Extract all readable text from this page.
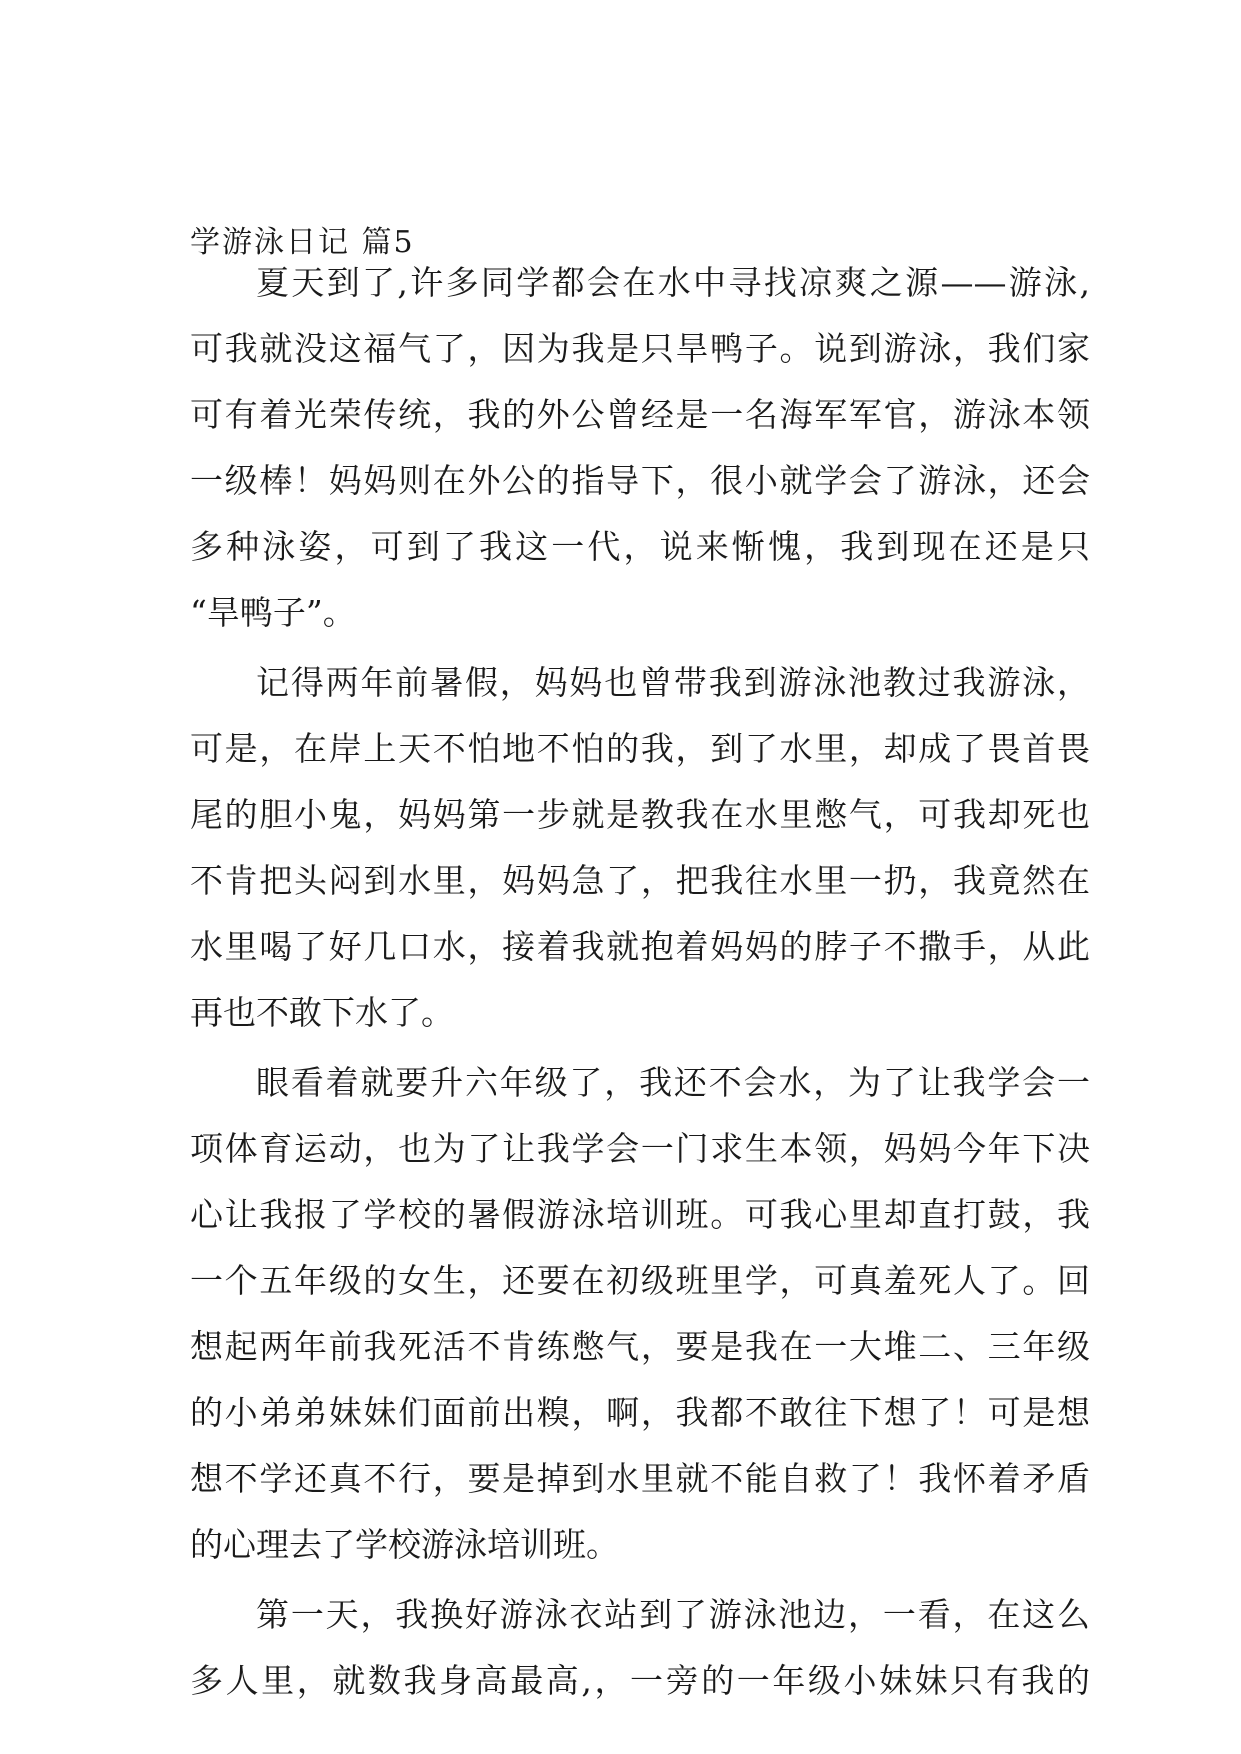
学游泳日记 篇5
夏天到了,许多同学都会在水中寻找凉爽之源——游泳,
可我就没这福气了，因为我是只旱鸭子。说到游泳，我们家
可有着光荣传统，我的外公曾经是一名海军军官，游泳本领
一级棒！妈妈则在外公的指导下，很小就学会了游泳，还会
多种泳姿，可到了我这一代，说来惭愧，我到现在还是只
“旱鸭子”。
记得两年前暑假，妈妈也曾带我到游泳池教过我游泳，
可是，在岸上天不怕地不怕的我，到了水里，却成了畏首畏
尾的胆小鬼，妈妈第一步就是教我在水里憋气，可我却死也
不肯把头闷到水里，妈妈急了，把我往水里一扔，我竟然在
水里喝了好几口水，接着我就抱着妈妈的脖子不撒手，从此
再也不敢下水了。
眼看着就要升六年级了，我还不会水，为了让我学会一
项体育运动，也为了让我学会一门求生本领，妈妈今年下决
心让我报了学校的暑假游泳培训班。可我心里却直打鼓，我
一个五年级的女生，还要在初级班里学，可真羞死人了。回
想起两年前我死活不肯练憋气，要是我在一大堆二、三年级
的小弟弟妹妹们面前出糗，啊，我都不敢往下想了！可是想
想不学还真不行，要是掉到水里就不能自救了！我怀着矛盾
的心理去了学校游泳培训班。
第一天，我换好游泳衣站到了游泳池边，一看，在这么
多人里，就数我身高最高,，一旁的一年级小妹妹只有我的
